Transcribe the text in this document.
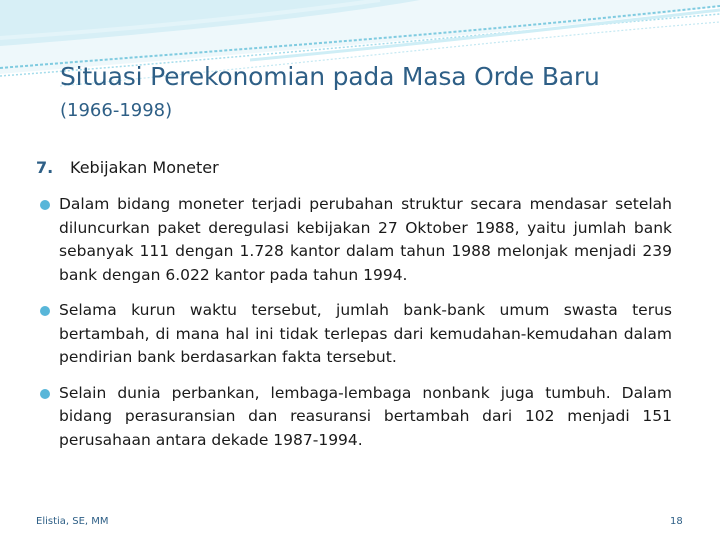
Situasi Perekonomian pada Masa Orde Baru
(1966-1998)
7. Kebijakan Moneter
Dalam bidang moneter terjadi perubahan struktur secara mendasar setelah diluncurkan paket deregulasi kebijakan 27 Oktober 1988, yaitu jumlah bank sebanyak 111 dengan 1.728 kantor dalam tahun 1988 melonjak menjadi 239 bank dengan 6.022 kantor pada tahun 1994.
Selama kurun waktu tersebut, jumlah bank-bank umum swasta terus bertambah, di mana hal ini tidak terlepas dari kemudahan-kemudahan dalam pendirian bank berdasarkan fakta tersebut.
Selain dunia perbankan, lembaga-lembaga nonbank juga tumbuh. Dalam bidang perasuransian dan reasuransi bertambah dari 102 menjadi 151 perusahaan antara dekade 1987-1994.
Elistia, SE, MM	18
